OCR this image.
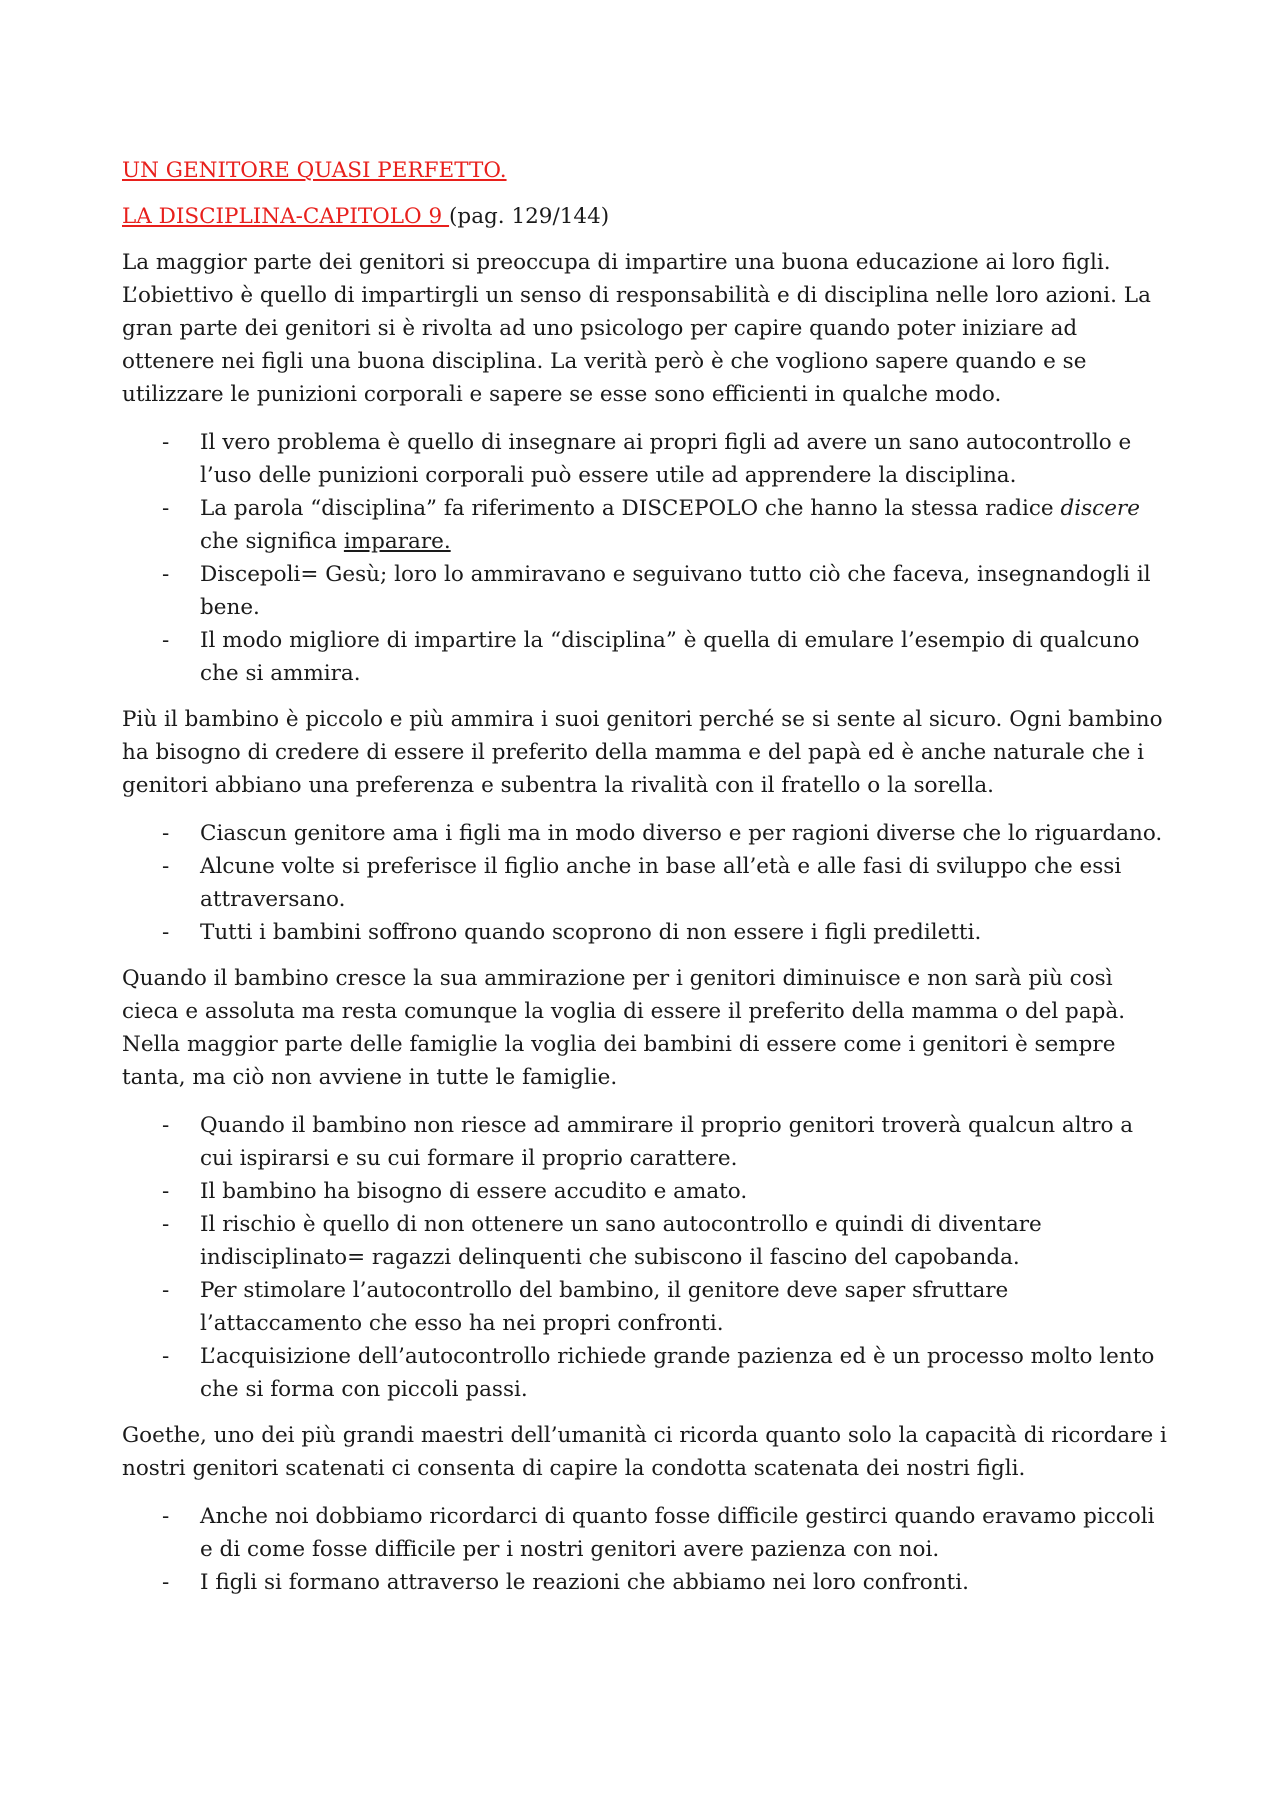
UN GENITORE QUASI PERFETTO.

LA DISCIPLINA-CAPITOLO 9 (pag. 129/144)

La maggior parte dei genitori si preoccupa di impartire una buona educazione ai loro figli. L’obiettivo è quello di impartirgli un senso di responsabilità e di disciplina nelle loro azioni. La gran parte dei genitori si è rivolta ad uno psicologo per capire quando poter iniziare ad ottenere nei figli una buona disciplina. La verità però è che vogliono sapere quando e se utilizzare le punizioni corporali e sapere se esse sono efficienti in qualche modo.

- Il vero problema è quello di insegnare ai propri figli ad avere un sano autocontrollo e l’uso delle punizioni corporali può essere utile ad apprendere la disciplina.
- La parola “disciplina” fa riferimento a DISCEPOLO che hanno la stessa radice discere che significa imparare.
- Discepoli= Gesù; loro lo ammiravano e seguivano tutto ciò che faceva, insegnandogli il bene.
- Il modo migliore di impartire la “disciplina” è quella di emulare l’esempio di qualcuno che si ammira.

Più il bambino è piccolo e più ammira i suoi genitori perché se si sente al sicuro. Ogni bambino ha bisogno di credere di essere il preferito della mamma e del papà ed è anche naturale che i genitori abbiano una preferenza e subentra la rivalità con il fratello o la sorella.

- Ciascun genitore ama i figli ma in modo diverso e per ragioni diverse che lo riguardano.
- Alcune volte si preferisce il figlio anche in base all’età e alle fasi di sviluppo che essi attraversano.
- Tutti i bambini soffrono quando scoprono di non essere i figli prediletti.

Quando il bambino cresce la sua ammirazione per i genitori diminuisce e non sarà più così cieca e assoluta ma resta comunque la voglia di essere il preferito della mamma o del papà. Nella maggior parte delle famiglie la voglia dei bambini di essere come i genitori è sempre tanta, ma ciò non avviene in tutte le famiglie.

- Quando il bambino non riesce ad ammirare il proprio genitori troverà qualcun altro a cui ispirarsi e su cui formare il proprio carattere.
- Il bambino ha bisogno di essere accudito e amato.
- Il rischio è quello di non ottenere un sano autocontrollo e quindi di diventare indisciplinato= ragazzi delinquenti che subiscono il fascino del capobanda.
- Per stimolare l’autocontrollo del bambino, il genitore deve saper sfruttare l’attaccamento che esso ha nei propri confronti.
- L’acquisizione dell’autocontrollo richiede grande pazienza ed è un processo molto lento che si forma con piccoli passi.

Goethe, uno dei più grandi maestri dell’umanità ci ricorda quanto solo la capacità di ricordare i nostri genitori scatenati ci consenta di capire la condotta scatenata dei nostri figli.

- Anche noi dobbiamo ricordarci di quanto fosse difficile gestirci quando eravamo piccoli e di come fosse difficile per i nostri genitori avere pazienza con noi.
- I figli si formano attraverso le reazioni che abbiamo nei loro confronti.
